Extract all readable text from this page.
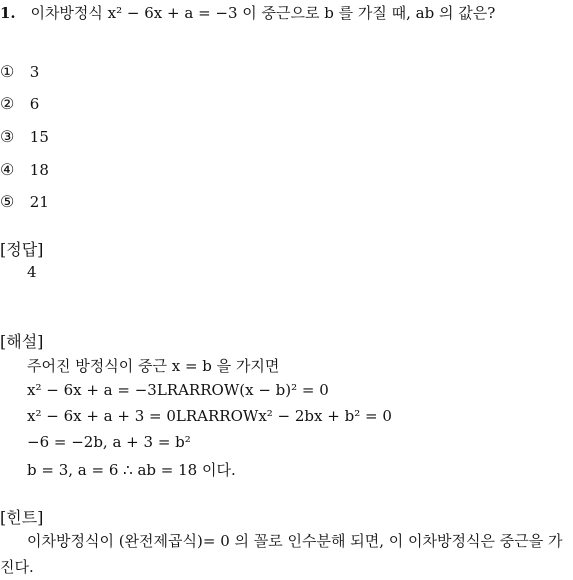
1. 이차방정식 x² − 6x + a = −3 이 중근으로 b 를 가질 때, ab 의 값은?
① 3
② 6
③ 15
④ 18
⑤ 21
[정답]
4
[해설]
주어진 방정식이 중근 x = b 을 가지면
x² − 6x + a = −3LRARROW(x − b)² = 0
x² − 6x + a + 3 = 0LRARROWx² − 2bx + b² = 0
−6 = −2b, a + 3 = b²
b = 3, a = 6 ∴ ab = 18 이다.
[힌트]
이차방정식이 (완전제곱식)= 0 의 꼴로 인수분해 되면, 이 이차방정식은 중근을 가진다.
